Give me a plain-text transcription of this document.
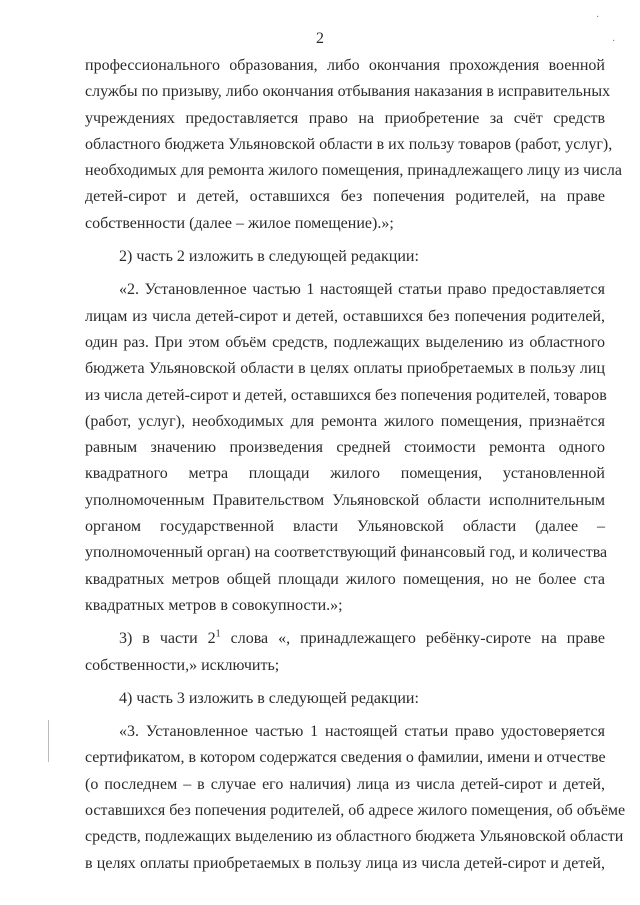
·
·
2
профессионального образования, либо окончания прохождения военной
службы по призыву, либо окончания отбывания наказания в исправительных
учреждениях предоставляется право на приобретение за счёт средств
областного бюджета Ульяновской области в их пользу товаров (работ, услуг),
необходимых для ремонта жилого помещения, принадлежащего лицу из числа
детей-сирот и детей, оставшихся без попечения родителей, на праве
собственности (далее – жилое помещение).»;
2) часть 2 изложить в следующей редакции:
«2. Установленное частью 1 настоящей статьи право предоставляется
лицам из числа детей-сирот и детей, оставшихся без попечения родителей,
один раз. При этом объём средств, подлежащих выделению из областного
бюджета Ульяновской области в целях оплаты приобретаемых в пользу лиц
из числа детей-сирот и детей, оставшихся без попечения родителей, товаров
(работ, услуг), необходимых для ремонта жилого помещения, признаётся
равным значению произведения средней стоимости ремонта одного
квадратного метра площади жилого помещения, установленной
уполномоченным Правительством Ульяновской области исполнительным
органом государственной власти Ульяновской области (далее –
уполномоченный орган) на соответствующий финансовый год, и количества
квадратных метров общей площади жилого помещения, но не более ста
квадратных метров в совокупности.»;
3) в части $2^1$ слова «, принадлежащего ребёнку-сироте на праве
собственности,» исключить;
4) часть 3 изложить в следующей редакции:
«3. Установленное частью 1 настоящей статьи право удостоверяется
сертификатом, в котором содержатся сведения о фамилии, имени и отчестве
(о последнем – в случае его наличия) лица из числа детей-сирот и детей,
оставшихся без попечения родителей, об адресе жилого помещения, об объёме
средств, подлежащих выделению из областного бюджета Ульяновской области
в целях оплаты приобретаемых в пользу лица из числа детей-сирот и детей,
